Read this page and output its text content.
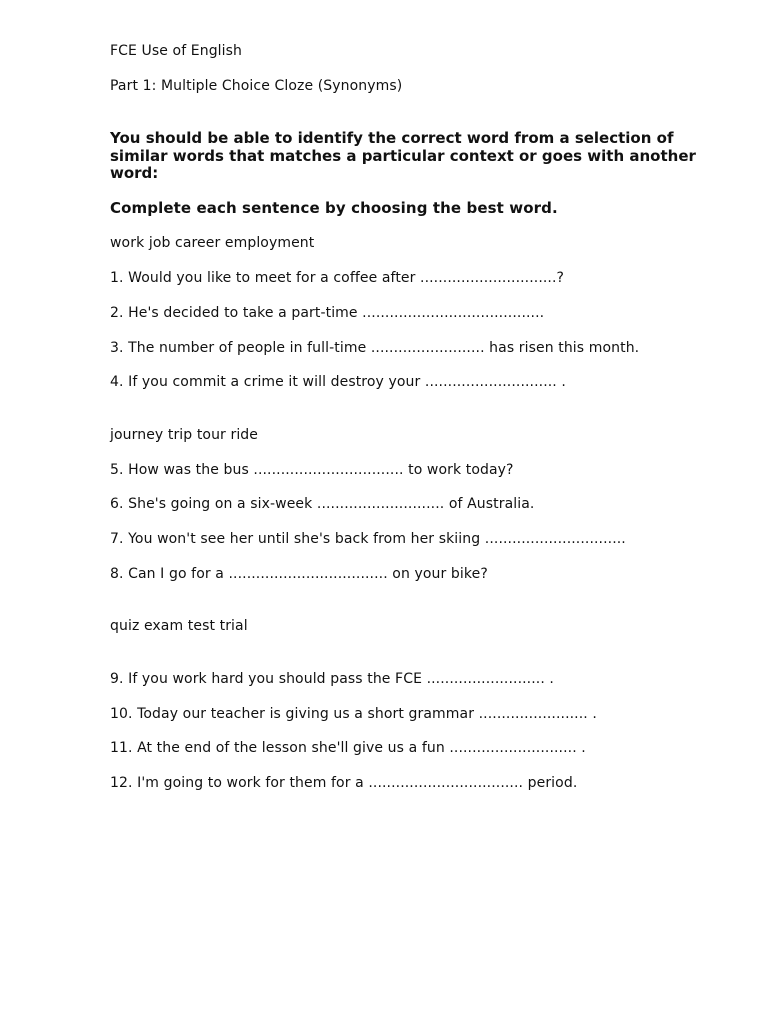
FCE Use of English
Part 1: Multiple Choice Cloze (Synonyms)
You should be able to identify the correct word from a selection of similar words that matches a particular context or goes with another word:
Complete each sentence by choosing the best word.
work job career employment
1. Would you like to meet for a coffee after ..............................?
2. He's decided to take a part-time ........................................
3. The number of people in full-time ......................... has risen this month.
4. If you commit a crime it will destroy your ............................. .
journey trip tour ride
5. How was the bus ................................. to work today?
6. She's going on a six-week ............................ of Australia.
7. You won't see her until she's back from her skiing ...............................
8. Can I go for a ................................... on your bike?
quiz exam test trial
9. If you work hard you should pass the FCE .......................... .
10. Today our teacher is giving us a short grammar ........................ .
11. At the end of the lesson she'll give us a fun ............................ .
12. I'm going to work for them for a .................................. period.
